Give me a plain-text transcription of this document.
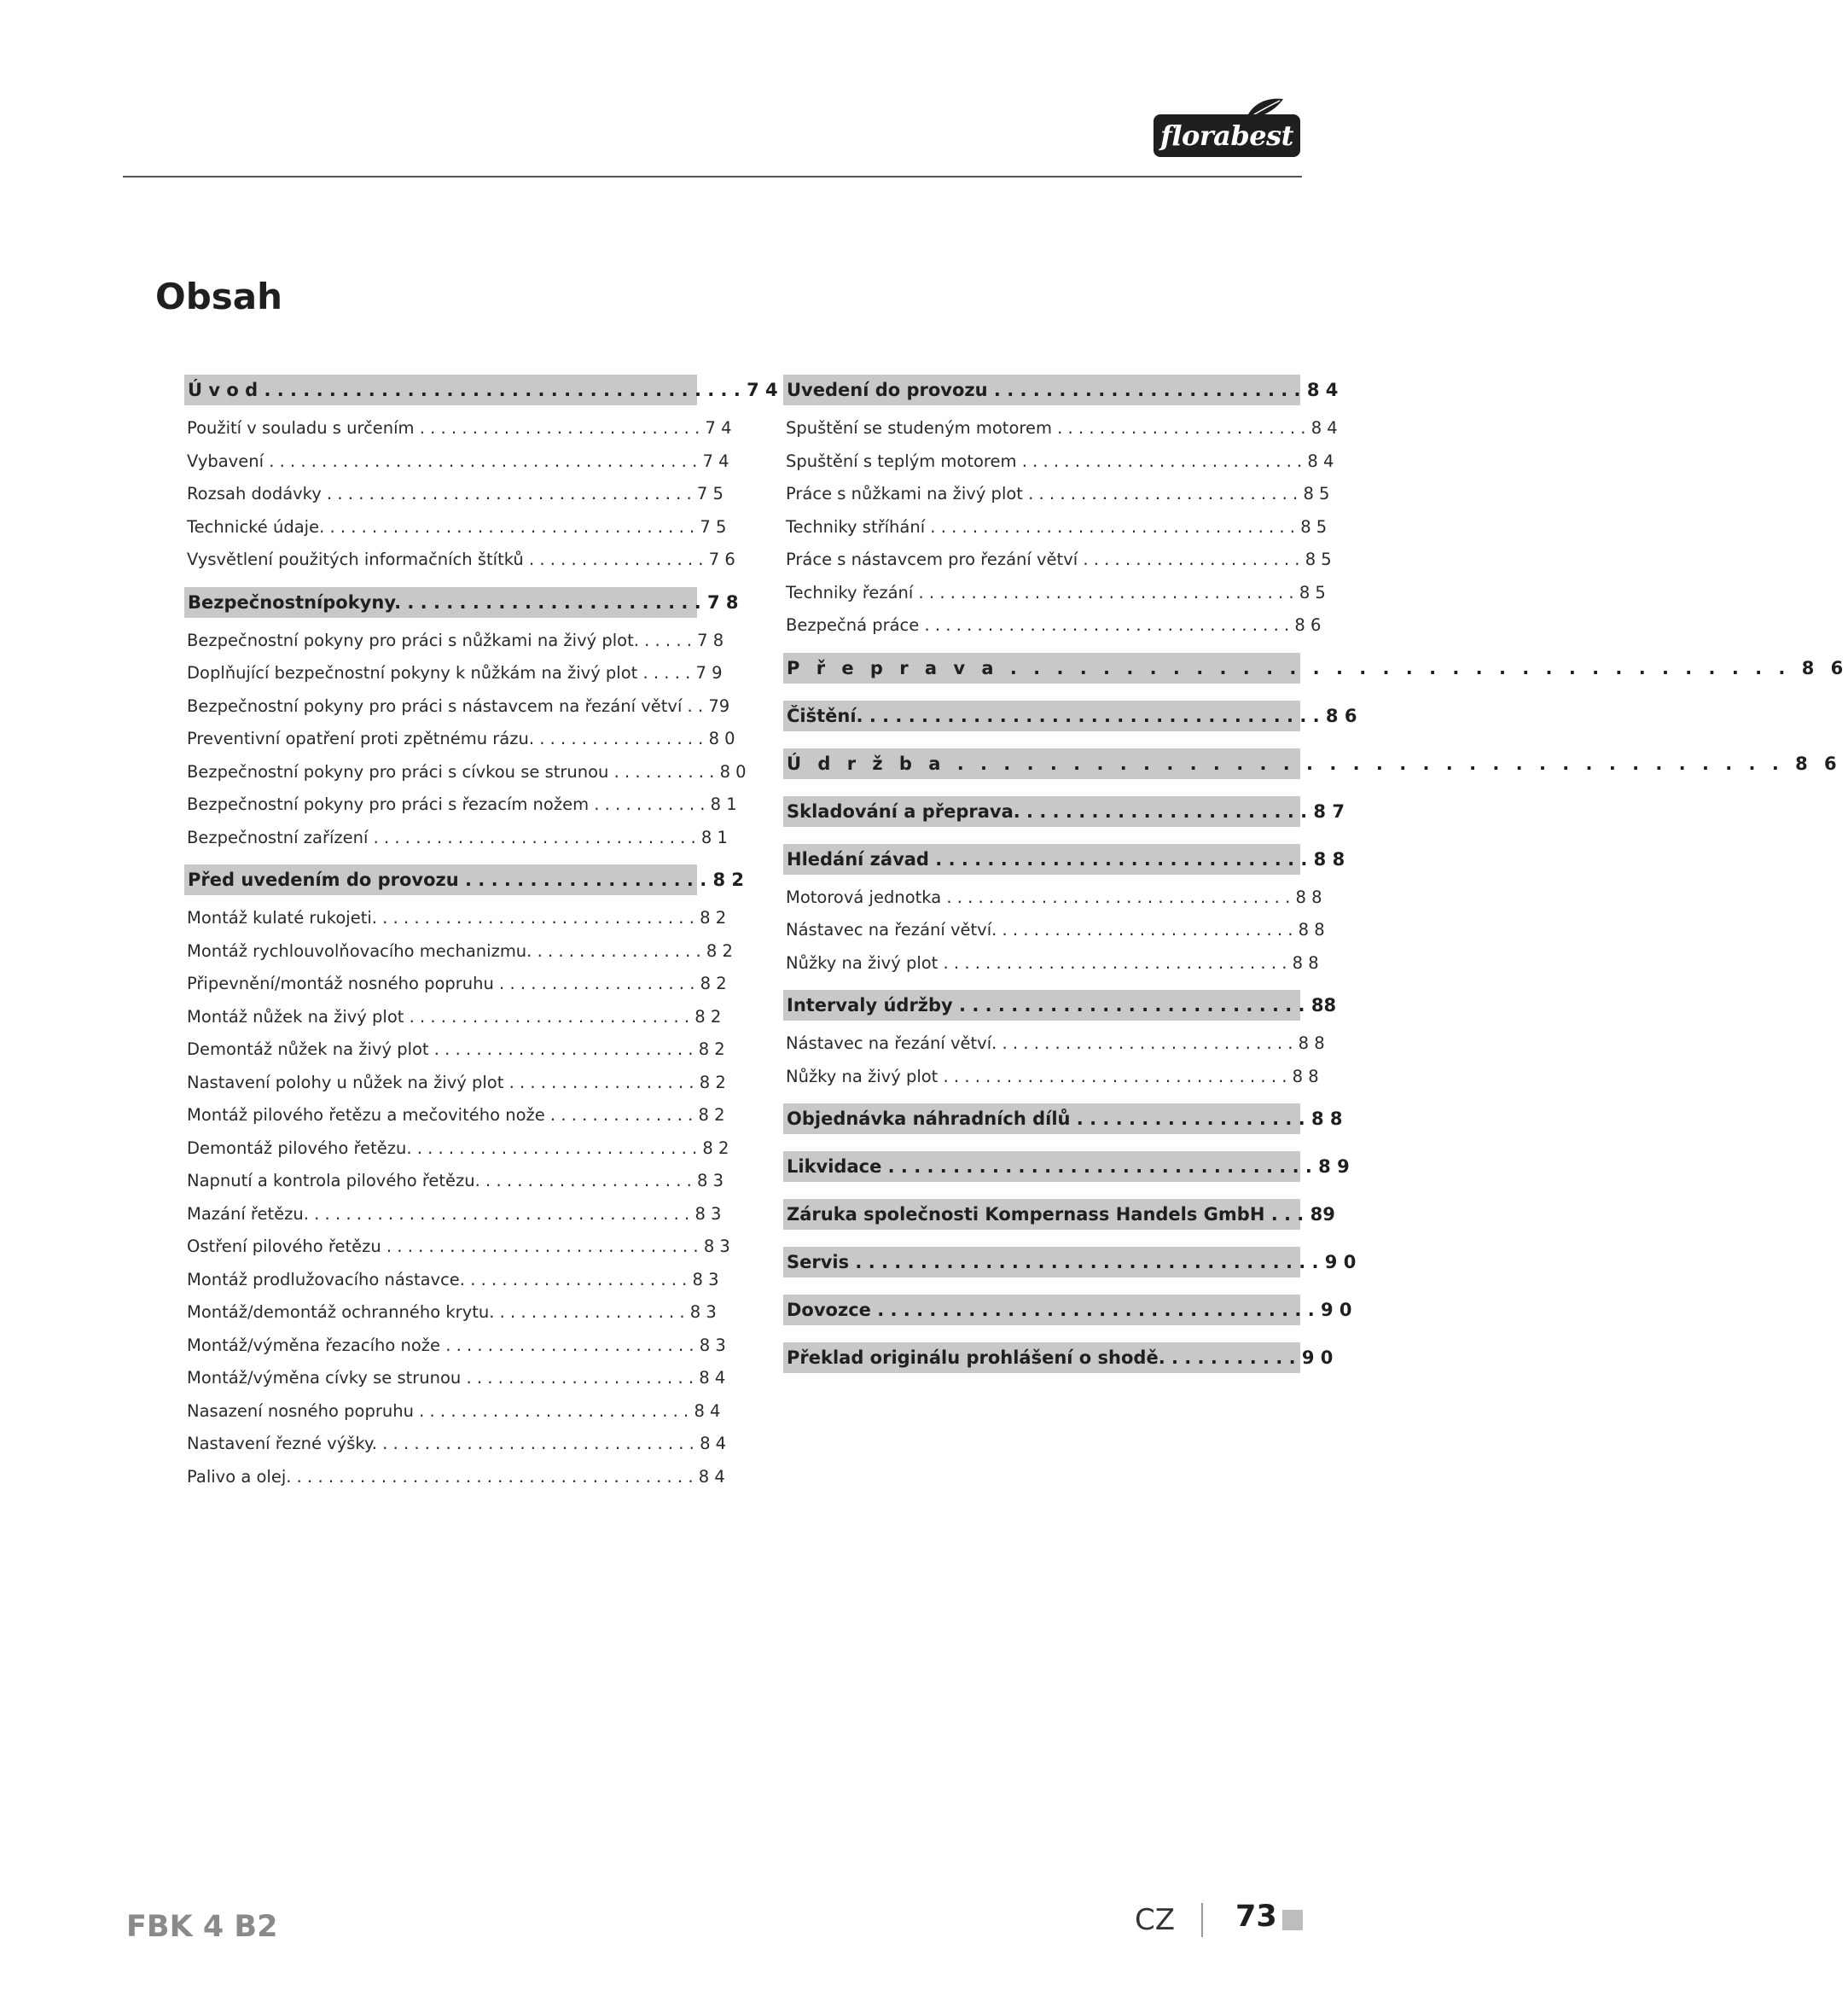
florabest
Obsah
Ú v o d . . . . . . . . . . . . . . . . . . . . . . . . . . . . . . . . . . . . . 7 4
Použití v souladu s určením . . . . . . . . . . . . . . . . . . . . . . . . . . . 7 4
Vybavení . . . . . . . . . . . . . . . . . . . . . . . . . . . . . . . . . . . . . . . . . 7 4
Rozsah dodávky . . . . . . . . . . . . . . . . . . . . . . . . . . . . . . . . . . . 7 5
Technické údaje. . . . . . . . . . . . . . . . . . . . . . . . . . . . . . . . . . . . 7 5
Vysvětlení použitých informačních štítků . . . . . . . . . . . . . . . . . 7 6
Bezpečnostnípokyny. . . . . . . . . . . . . . . . . . . . . . . . 7 8
Bezpečnostní pokyny pro práci s nůžkami na živý plot. . . . . . 7 8
Doplňující bezpečnostní pokyny k nůžkám na živý plot . . . . . 7 9
Bezpečnostní pokyny pro práci s nástavcem na řezání větví . . 79
Preventivní opatření proti zpětnému rázu. . . . . . . . . . . . . . . . . 8 0
Bezpečnostní pokyny pro práci s cívkou se strunou . . . . . . . . . . 8 0
Bezpečnostní pokyny pro práci s řezacím nožem . . . . . . . . . . . 8 1
Bezpečnostní zařízení . . . . . . . . . . . . . . . . . . . . . . . . . . . . . . . 8 1
Před uvedením do provozu . . . . . . . . . . . . . . . . . . . 8 2
Montáž kulaté rukojeti. . . . . . . . . . . . . . . . . . . . . . . . . . . . . . . 8 2
Montáž rychlouvolňovacího mechanizmu. . . . . . . . . . . . . . . . . 8 2
Připevnění/montáž nosného popruhu . . . . . . . . . . . . . . . . . . . 8 2
Montáž nůžek na živý plot . . . . . . . . . . . . . . . . . . . . . . . . . . . 8 2
Demontáž nůžek na živý plot . . . . . . . . . . . . . . . . . . . . . . . . . 8 2
Nastavení polohy u nůžek na živý plot . . . . . . . . . . . . . . . . . . 8 2
Montáž pilového řetězu a mečovitého nože . . . . . . . . . . . . . . 8 2
Demontáž pilového řetězu. . . . . . . . . . . . . . . . . . . . . . . . . . . . 8 2
Napnutí a kontrola pilového řetězu. . . . . . . . . . . . . . . . . . . . . 8 3
Mazání řetězu. . . . . . . . . . . . . . . . . . . . . . . . . . . . . . . . . . . . . 8 3
Ostření pilového řetězu . . . . . . . . . . . . . . . . . . . . . . . . . . . . . . 8 3
Montáž prodlužovacího nástavce. . . . . . . . . . . . . . . . . . . . . . 8 3
Montáž/demontáž ochranného krytu. . . . . . . . . . . . . . . . . . . 8 3
Montáž/výměna řezacího nože . . . . . . . . . . . . . . . . . . . . . . . . 8 3
Montáž/výměna cívky se strunou . . . . . . . . . . . . . . . . . . . . . . 8 4
Nasazení nosného popruhu . . . . . . . . . . . . . . . . . . . . . . . . . . 8 4
Nastavení řezné výšky. . . . . . . . . . . . . . . . . . . . . . . . . . . . . . . 8 4
Palivo a olej. . . . . . . . . . . . . . . . . . . . . . . . . . . . . . . . . . . . . . . 8 4
Uvedení do provozu . . . . . . . . . . . . . . . . . . . . . . . . 8 4
Spuštění se studeným motorem . . . . . . . . . . . . . . . . . . . . . . . . 8 4
Spuštění s teplým motorem . . . . . . . . . . . . . . . . . . . . . . . . . . . 8 4
Práce s nůžkami na živý plot . . . . . . . . . . . . . . . . . . . . . . . . . . 8 5
Techniky stříhání . . . . . . . . . . . . . . . . . . . . . . . . . . . . . . . . . . . 8 5
Práce s nástavcem pro řezání větví . . . . . . . . . . . . . . . . . . . . . 8 5
Techniky řezání . . . . . . . . . . . . . . . . . . . . . . . . . . . . . . . . . . . . 8 5
Bezpečná práce . . . . . . . . . . . . . . . . . . . . . . . . . . . . . . . . . . . 8 6
P ř e p r a v a . . . . . . . . . . . . . . . . . . . . . . . . . . . . . . . . . . 8 6
Čištění. . . . . . . . . . . . . . . . . . . . . . . . . . . . . . . . . . . . 8 6
Ú d r ž b a . . . . . . . . . . . . . . . . . . . . . . . . . . . . . . . . . . . . 8 6
Skladování a přeprava. . . . . . . . . . . . . . . . . . . . . . . 8 7
Hledání závad . . . . . . . . . . . . . . . . . . . . . . . . . . . . . 8 8
Motorová jednotka . . . . . . . . . . . . . . . . . . . . . . . . . . . . . . . . . 8 8
Nástavec na řezání větví. . . . . . . . . . . . . . . . . . . . . . . . . . . . . 8 8
Nůžky na živý plot . . . . . . . . . . . . . . . . . . . . . . . . . . . . . . . . . 8 8
Intervaly údržby . . . . . . . . . . . . . . . . . . . . . . . . . . . 88
Nástavec na řezání větví. . . . . . . . . . . . . . . . . . . . . . . . . . . . . 8 8
Nůžky na živý plot . . . . . . . . . . . . . . . . . . . . . . . . . . . . . . . . . 8 8
Objednávka náhradních dílů . . . . . . . . . . . . . . . . . . 8 8
Likvidace . . . . . . . . . . . . . . . . . . . . . . . . . . . . . . . . . 8 9
Záruka společnosti Kompernass Handels GmbH . . . 89
Servis . . . . . . . . . . . . . . . . . . . . . . . . . . . . . . . . . . . . 9 0
Dovozce . . . . . . . . . . . . . . . . . . . . . . . . . . . . . . . . . . 9 0
Překlad originálu prohlášení o shodě. . . . . . . . . . . 9 0
FBK 4 B2	CZ 73
